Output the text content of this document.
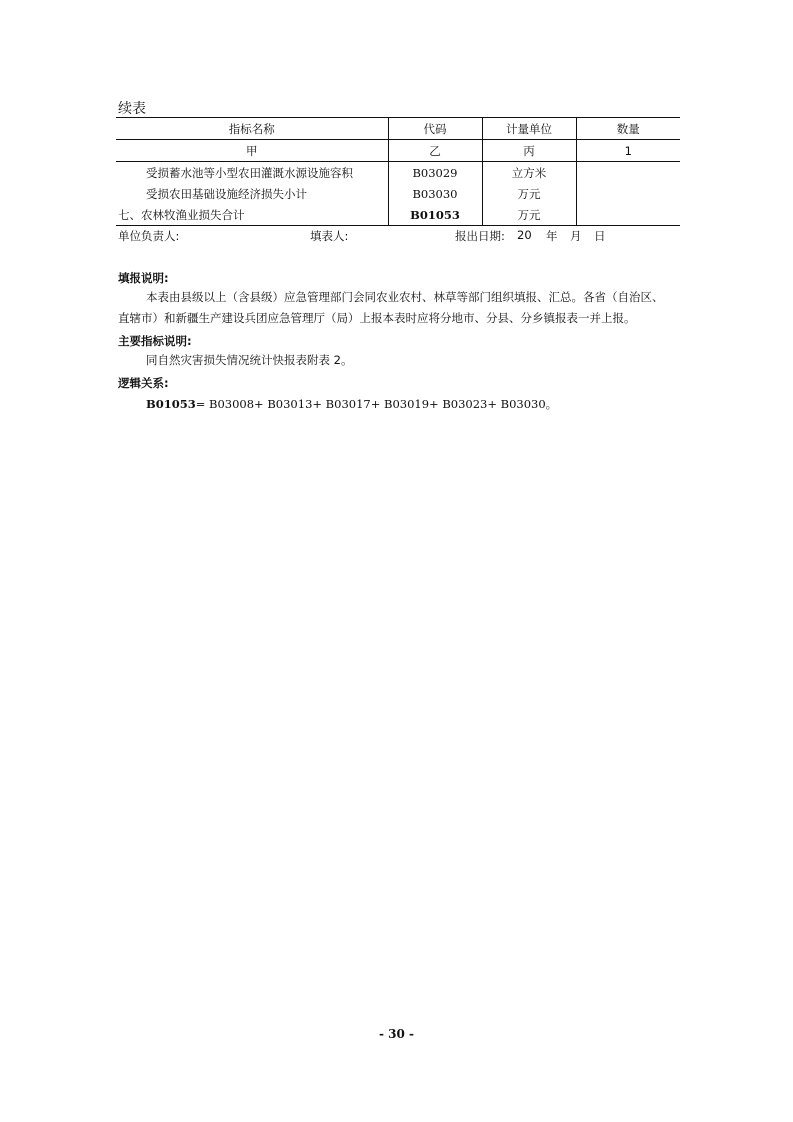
续表
指标名称	代码	计量单位	数量
甲	乙	丙	1
受损蓄水池等小型农田灌溉水源设施容积	B03029	立方米	
受损农田基础设施经济损失小计	B03030	万元	
七、农林牧渔业损失合计	B01053	万元	
单位负责人:	填表人:	报出日期: 20 年 月 日
填报说明:
本表由县级以上（含县级）应急管理部门会同农业农村、林草等部门组织填报、汇总。各省（自治区、
直辖市）和新疆生产建设兵团应急管理厅（局）上报本表时应将分地市、分县、分乡镇报表一并上报。
主要指标说明:
同自然灾害损失情况统计快报表附表 2。
逻辑关系:
B01053= B03008+ B03013+ B03017+ B03019+ B03023+ B03030。
- 30 -
